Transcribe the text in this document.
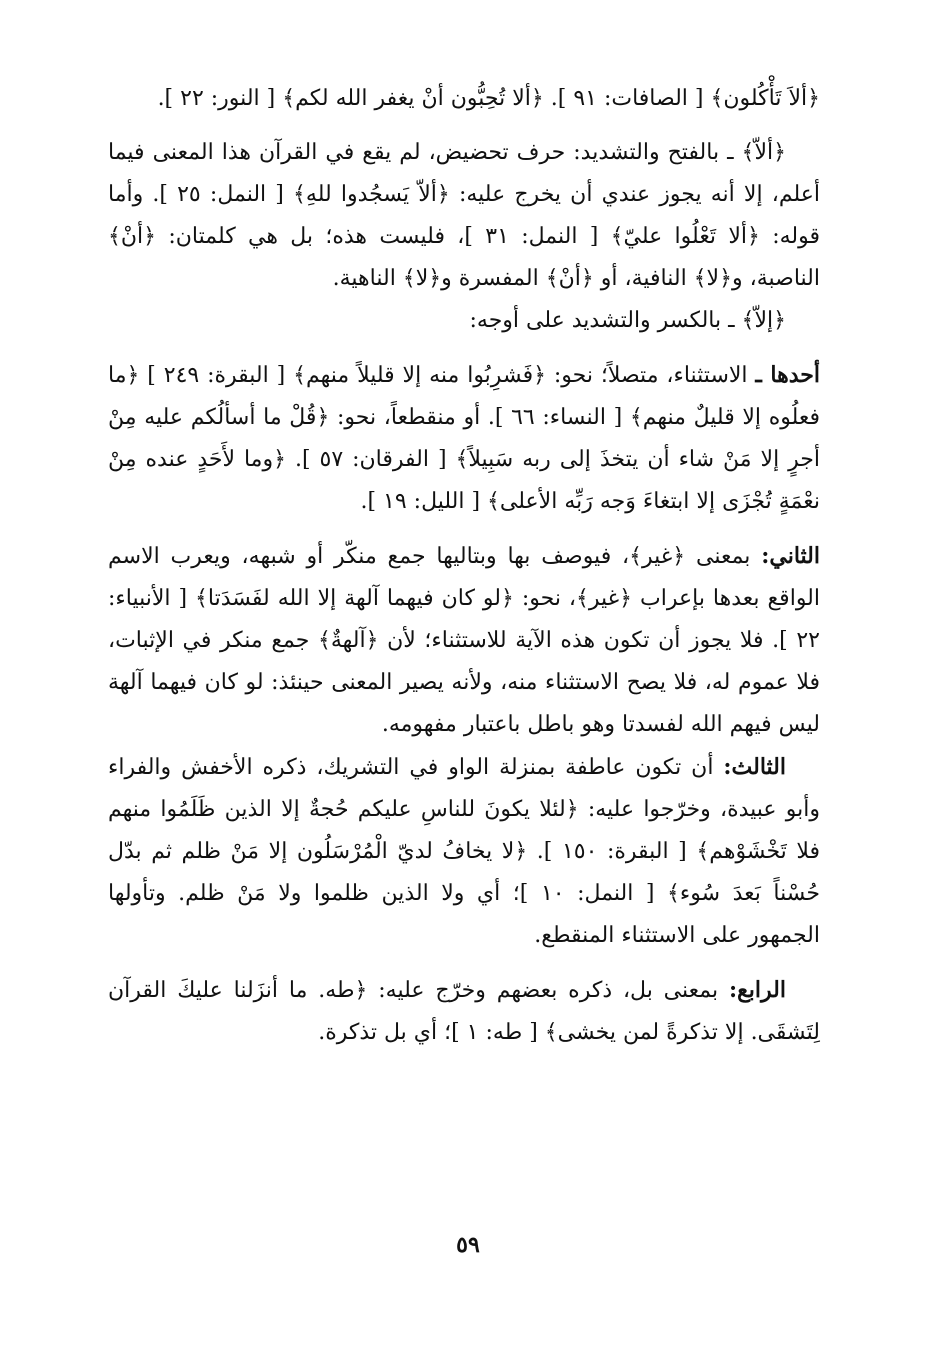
﴿ألاَ تَأْكُلون﴾ [ الصافات: ٩١ ]. ﴿ألا تُحِبُّون أنْ يغفر الله لكم﴾ [ النور: ٢٢ ].

﴿ألاّ﴾ ـ بالفتح والتشديد: حرف تحضيض، لم يقع في القرآن هذا المعنى فيما أعلم، إلا أنه يجوز عندي أن يخرج عليه: ﴿ألاّ يَسجُدوا للهِ﴾ [ النمل: ٢٥ ]. وأما قوله: ﴿ألا تَعْلُوا عليّ﴾ [ النمل: ٣١ ]، فليست هذه؛ بل هي كلمتان: ﴿أنْ﴾ الناصبة، و﴿لا﴾ النافية، أو ﴿أنْ﴾ المفسرة و﴿لا﴾ الناهية.

﴿إلاّ﴾ ـ بالكسر والتشديد على أوجه:

أحدها ـ الاستثناء، متصلاً؛ نحو: ﴿فَشرِبُوا منه إلا قليلاً منهم﴾ [ البقرة: ٢٤٩ ] ﴿ما فعلُوه إلا قليلٌ منهم﴾ [ النساء: ٦٦ ]. أو منقطعاً، نحو: ﴿قُلْ ما أسألُكم عليه مِنْ أجرٍ إلا مَنْ شاء أن يتخذَ إلى ربه سَبِيلاً﴾ [ الفرقان: ٥٧ ]. ﴿وما لأَحَدٍ عنده مِنْ نعْمَةٍ تُجْزَى إلا ابتغاءَ وَجه رَبِّه الأعلى﴾ [ الليل: ١٩ ].

الثاني: بمعنى ﴿غير﴾، فيوصف بها وبتاليها جمع منكّر أو شبهه، ويعرب الاسم الواقع بعدها بإعراب ﴿غير﴾، نحو: ﴿لو كان فيهما آلهة إلا الله لفَسَدَتا﴾ [ الأنبياء: ٢٢ ]. فلا يجوز أن تكون هذه الآية للاستثناء؛ لأن ﴿آلهةٌ﴾ جمع منكر في الإثبات، فلا عموم له، فلا يصح الاستثناء منه، ولأنه يصير المعنى حينئذ: لو كان فيهما آلهة ليس فيهم الله لفسدتا وهو باطل باعتبار مفهومه.

الثالث: أن تكون عاطفة بمنزلة الواو في التشريك، ذكره الأخفش والفراء وأبو عبيدة، وخرّجوا عليه: ﴿لئلا يكونَ للناسِ عليكم حُجةٌ إلا الذين ظَلَمُوا منهم فلا تَخْشَوْهم﴾ [ البقرة: ١٥٠ ]. ﴿لا يخافُ لديّ الْمُرْسَلُون إلا مَنْ ظلم ثم بدّل حُسْناً بَعدَ سُوء﴾ [ النمل: ١٠ ]؛ أي ولا الذين ظلموا ولا مَنْ ظلم. وتأولها الجمهور على الاستثناء المنقطع.

الرابع: بمعنى بل، ذكره بعضهم وخرّج عليه: ﴿طه. ما أنزَلنا عليكَ القرآن لِتَشقَى. إلا تذكرةً لمن يخشى﴾ [ طه: ١ ]؛ أي بل تذكرة.

٥٩
